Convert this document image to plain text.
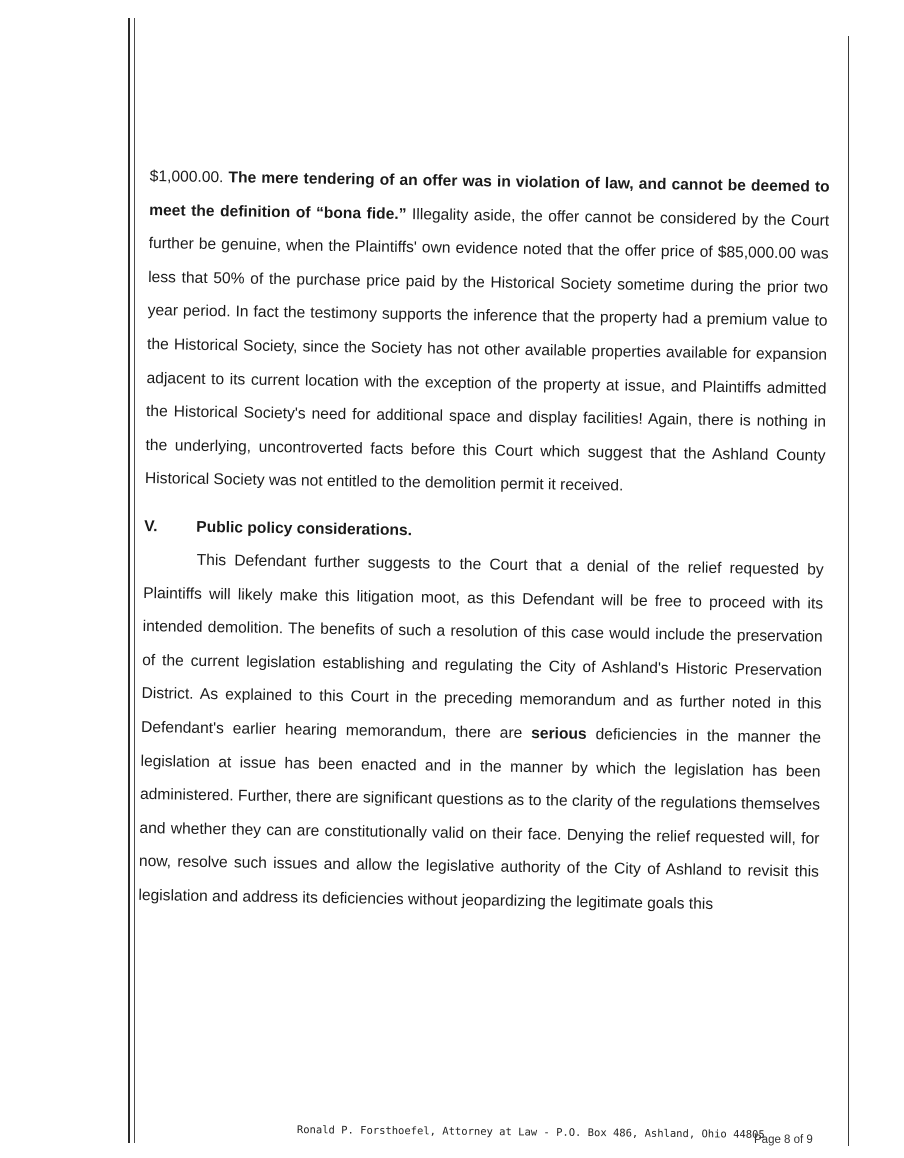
$1,000.00. The mere tendering of an offer was in violation of law, and cannot be deemed to meet the definition of “bona fide.” Illegality aside, the offer cannot be considered by the Court further be genuine, when the Plaintiffs' own evidence noted that the offer price of $85,000.00 was less that 50% of the purchase price paid by the Historical Society sometime during the prior two year period. In fact the testimony supports the inference that the property had a premium value to the Historical Society, since the Society has not other available properties available for expansion adjacent to its current location with the exception of the property at issue, and Plaintiffs admitted the Historical Society's need for additional space and display facilities! Again, there is nothing in the underlying, uncontroverted facts before this Court which suggest that the Ashland County Historical Society was not entitled to the demolition permit it received.

V. Public policy considerations.

This Defendant further suggests to the Court that a denial of the relief requested by Plaintiffs will likely make this litigation moot, as this Defendant will be free to proceed with its intended demolition. The benefits of such a resolution of this case would include the preservation of the current legislation establishing and regulating the City of Ashland's Historic Preservation District. As explained to this Court in the preceding memorandum and as further noted in this Defendant's earlier hearing memorandum, there are serious deficiencies in the manner the legislation at issue has been enacted and in the manner by which the legislation has been administered. Further, there are significant questions as to the clarity of the regulations themselves and whether they can are constitutionally valid on their face. Denying the relief requested will, for now, resolve such issues and allow the legislative authority of the City of Ashland to revisit this legislation and address its deficiencies without jeopardizing the legitimate goals this

Ronald P. Forsthoefel, Attorney at Law - P.O. Box 486, Ashland, Ohio 44805
Page 8 of 9
